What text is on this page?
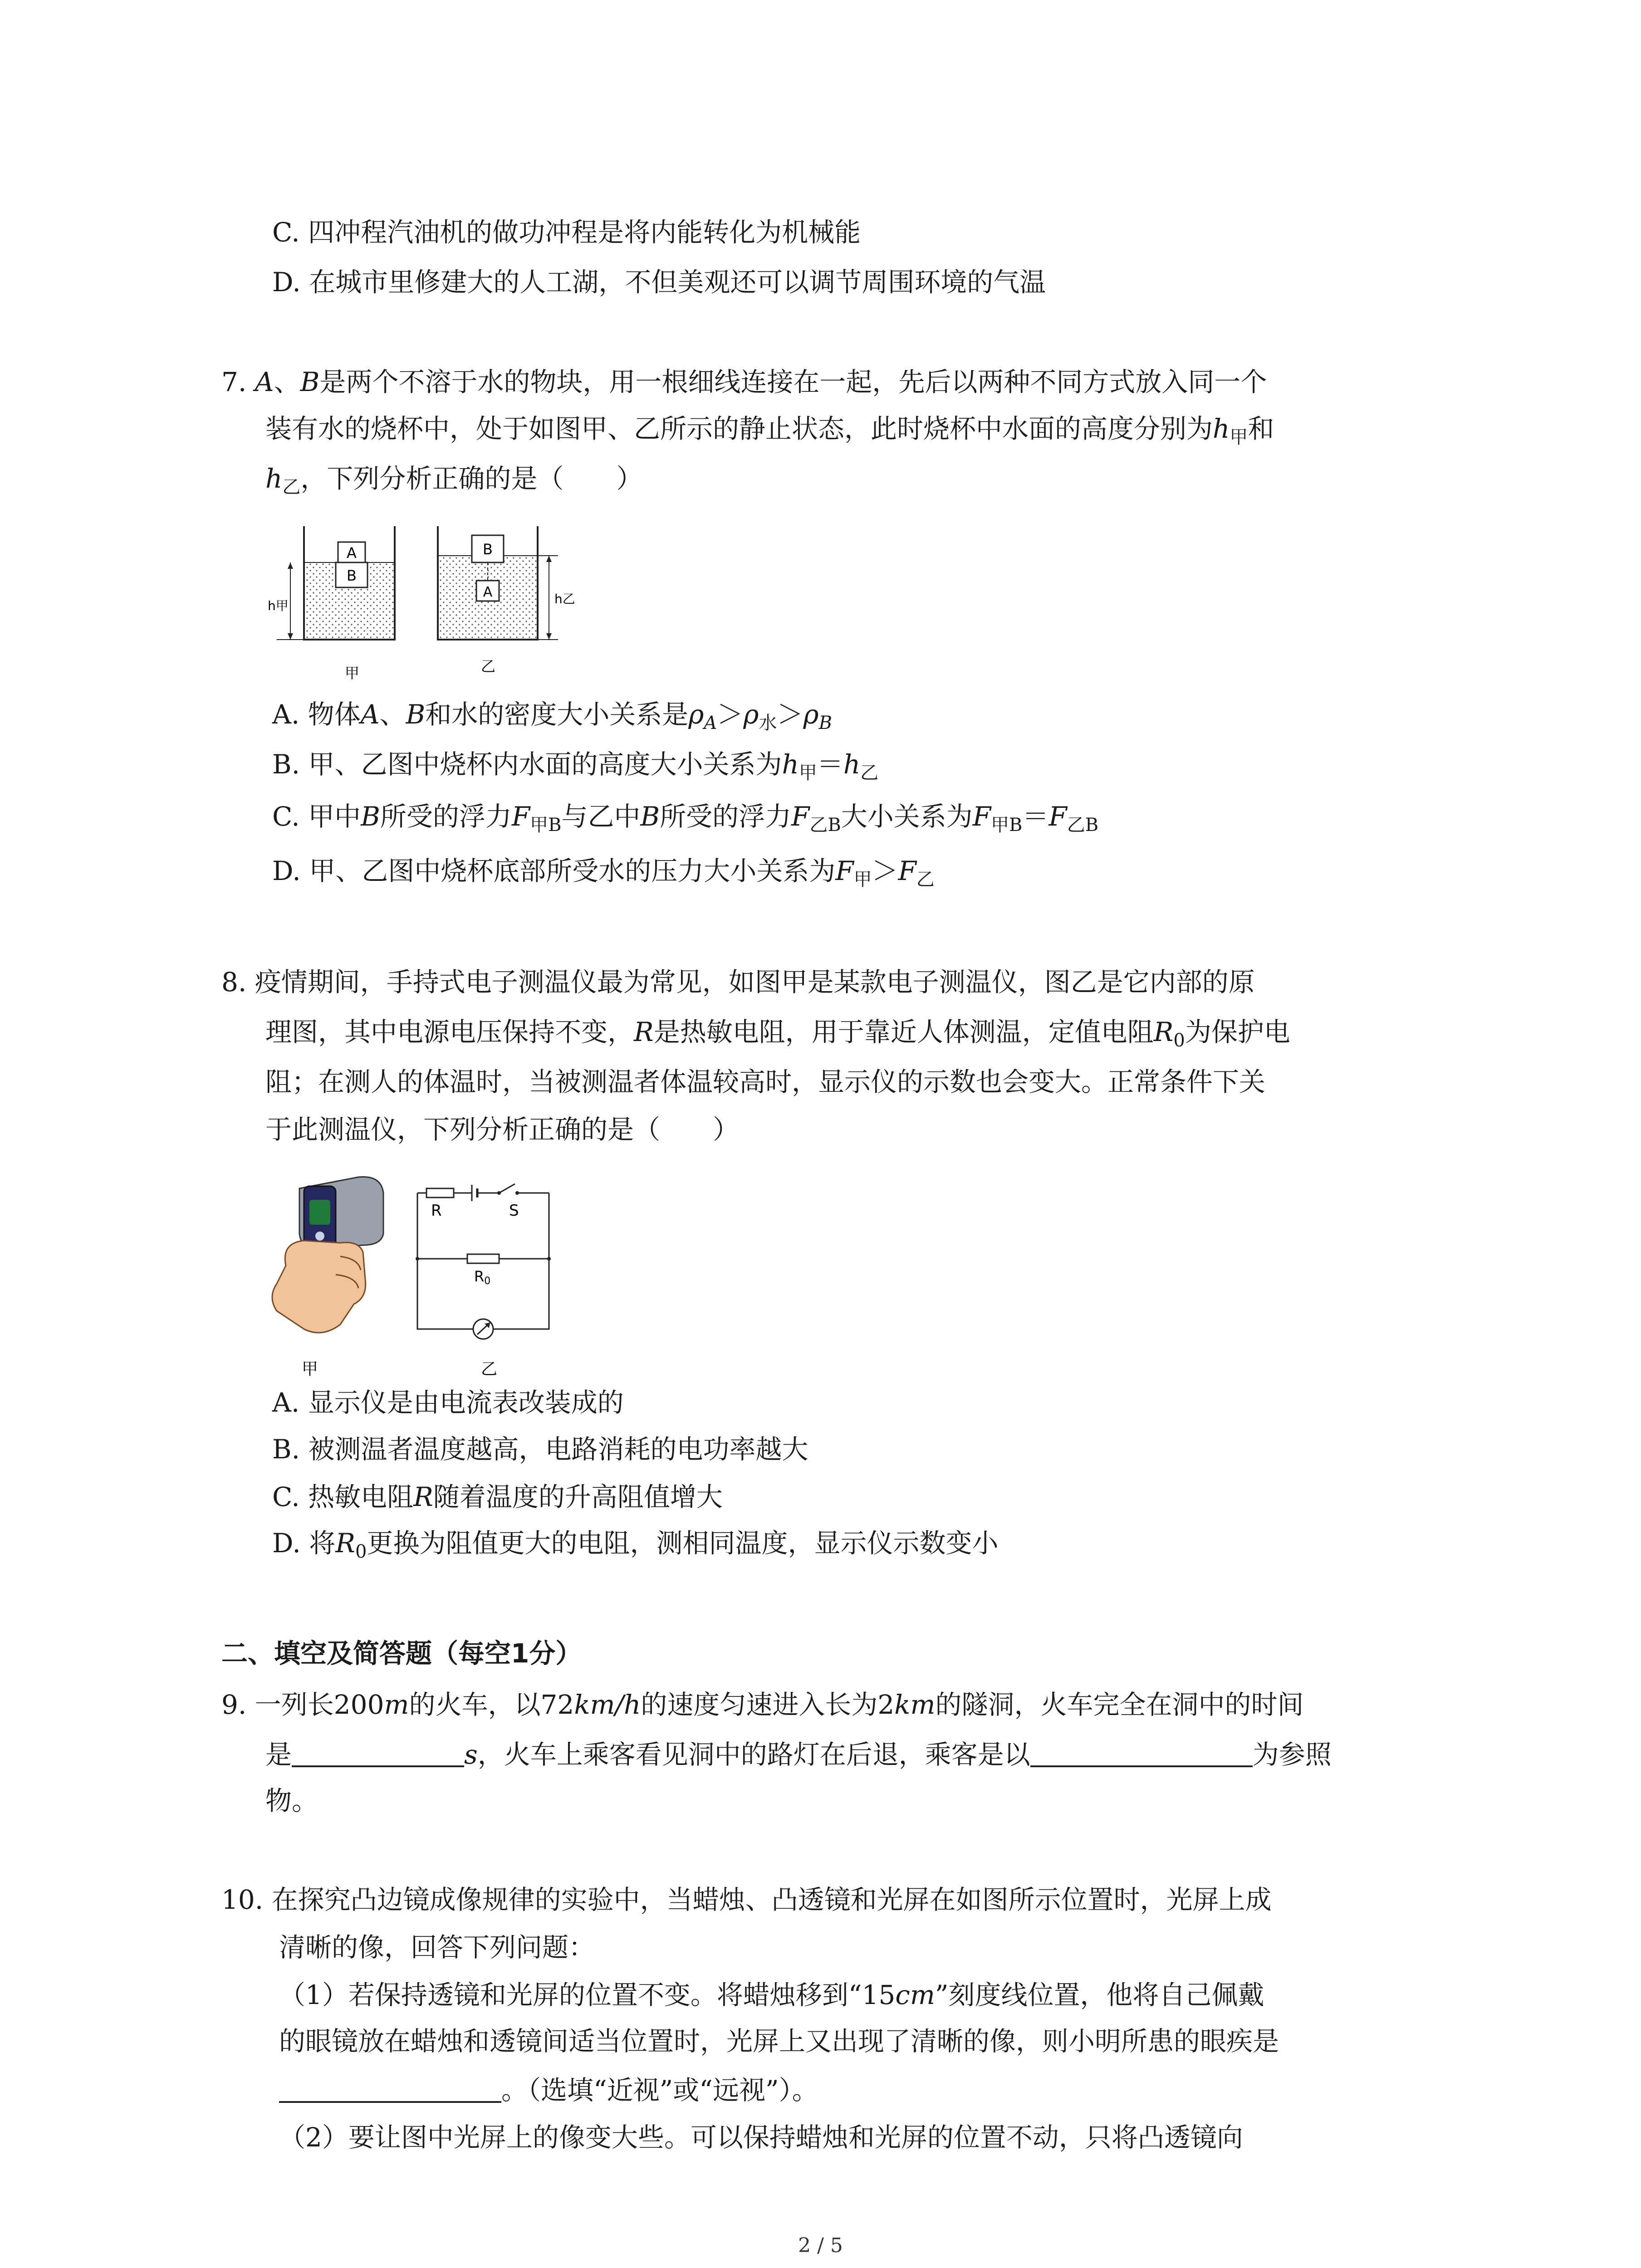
C. 四冲程汽油机的做功冲程是将内能转化为机械能
D. 在城市里修建大的人工湖，不但美观还可以调节周围环境的气温
7. A、B是两个不溶于水的物块，用一根细线连接在一起，先后以两种不同方式放入同一个
装有水的烧杯中，处于如图甲、乙所示的静止状态，此时烧杯中水面的高度分别为$h_甲$和
$h_乙$，下列分析正确的是（　　）
A
B
h甲
甲
B
A	h乙
乙
A. 物体A、B和水的密度大小关系是$\rho_A>\rho_水>\rho_B$
B. 甲、乙图中烧杯内水面的高度大小关系为$h_甲=h_乙$
C. 甲中B所受的浮力$F_{甲B}$与乙中B所受的浮力$F_{乙B}$大小关系为$F_{甲B}=F_{乙B}$
D. 甲、乙图中烧杯底部所受水的压力大小关系为$F_甲>F_乙$
8. 疫情期间，手持式电子测温仪最为常见，如图甲是某款电子测温仪，图乙是它内部的原
理图，其中电源电压保持不变，R是热敏电阻，用于靠近人体测温，定值电阻$R_0$为保护电
阻；在测人的体温时，当被测温者体温较高时，显示仪的示数也会变大。正常条件下关
于此测温仪，下列分析正确的是（　　）
甲
R	S
R0
乙
A. 显示仪是由电流表改装成的
B. 被测温者温度越高，电路消耗的电功率越大
C. 热敏电阻R随着温度的升高阻值增大
D. 将$R_0$更换为阻值更大的电阻，测相同温度，显示仪示数变小
二、填空及简答题（每空1分）
9. 一列长200m的火车，以72km/h的速度匀速进入长为2km的隧洞，火车完全在洞中的时间
是	s，火车上乘客看见洞中的路灯在后退，乘客是以	为参照
物。
10. 在探究凸边镜成像规律的实验中，当蜡烛、凸透镜和光屏在如图所示位置时，光屏上成
清晰的像，回答下列问题：
（1）若保持透镜和光屏的位置不变。将蜡烛移到“15cm”刻度线位置，他将自己佩戴
的眼镜放在蜡烛和透镜间适当位置时，光屏上又出现了清晰的像，则小明所患的眼疾是
。（选填“近视”或“远视”）。
（2）要让图中光屏上的像变大些。可以保持蜡烛和光屏的位置不动，只将凸透镜向
2 / 5
